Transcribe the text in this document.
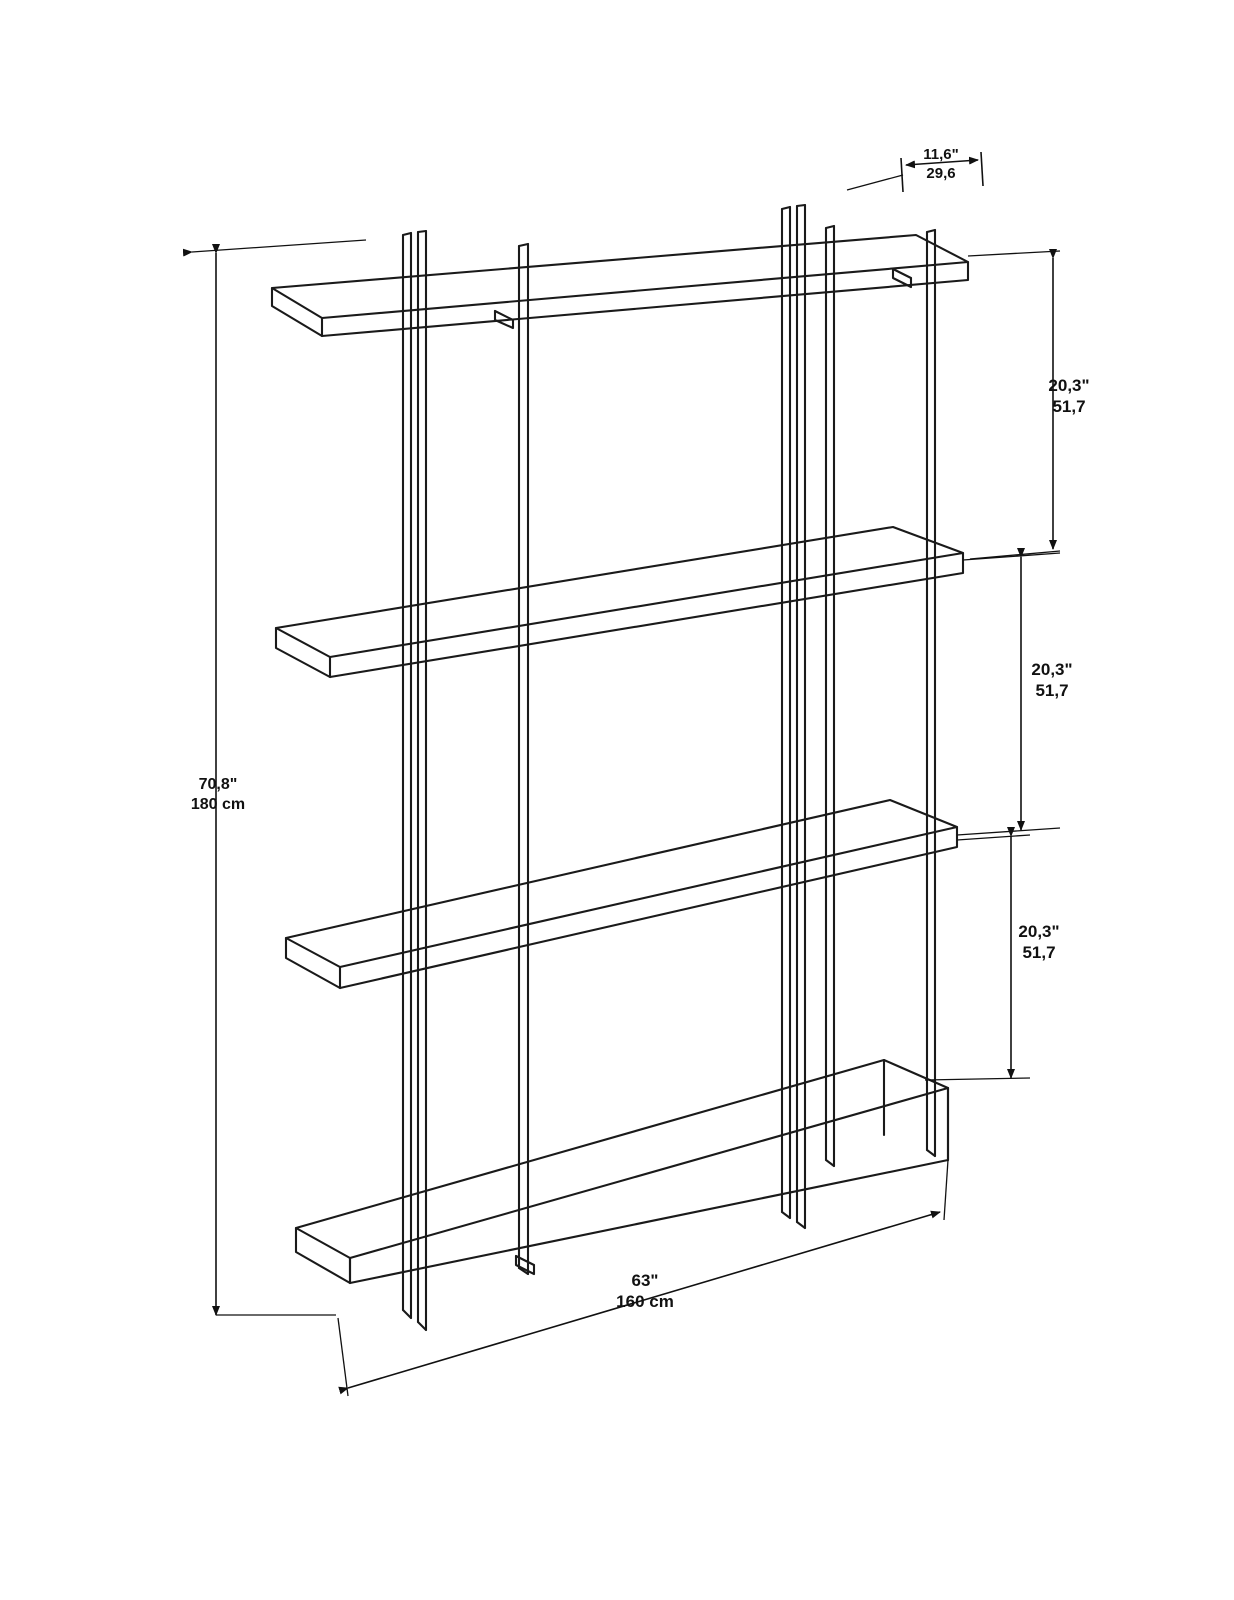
11,6"
29,6
20,3"
51,7
20,3"
51,7
20,3"
51,7
70,8"
180 cm
63"
160 cm
